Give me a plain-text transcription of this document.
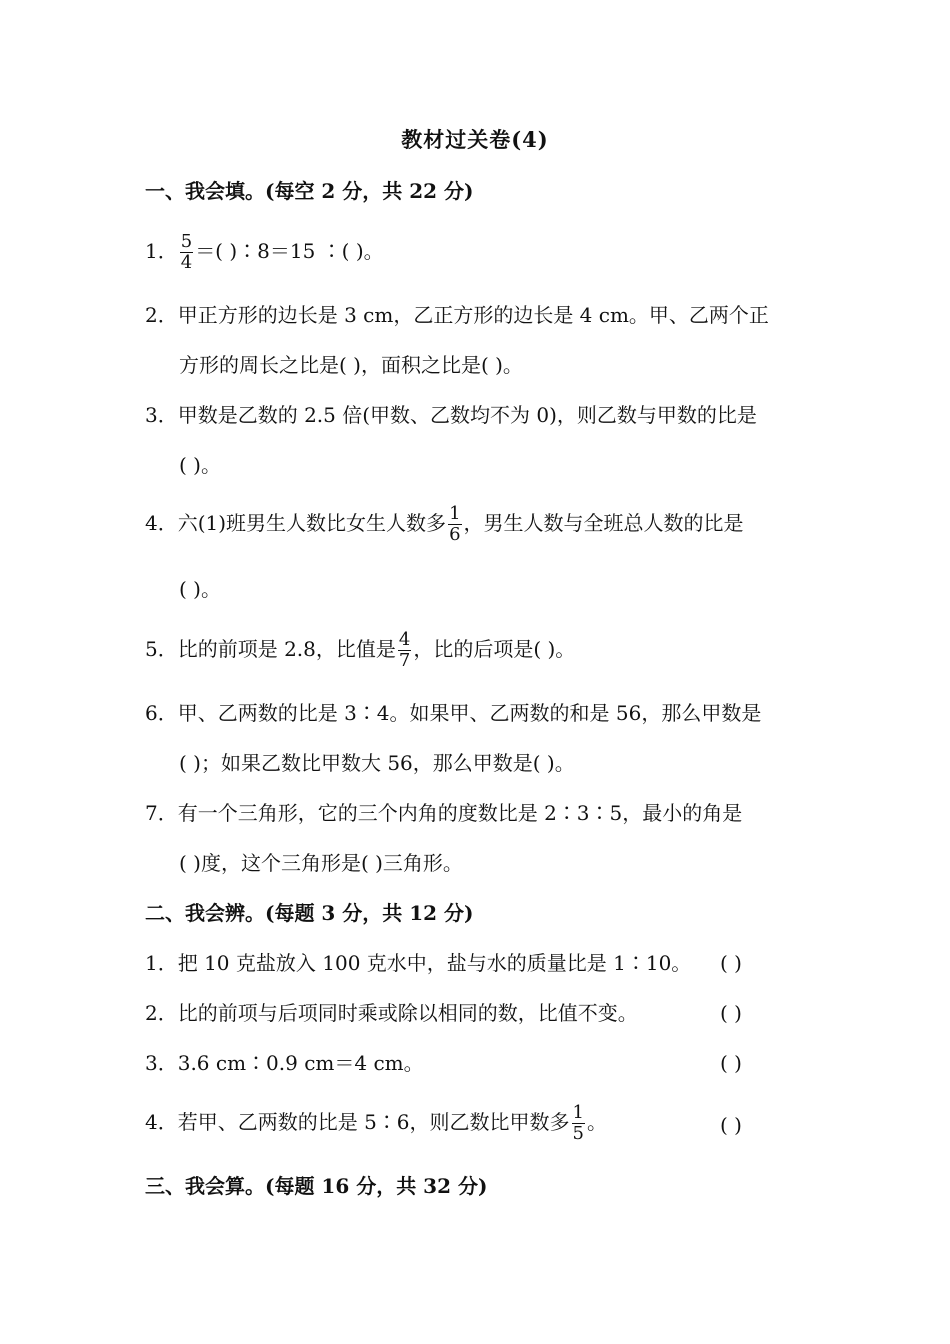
教材过关卷(4)
一、我会填。(每空 2 分，共 22 分)
1． $\frac{5}{4}$ ＝( )∶8＝15 ∶( )。
2．甲正方形的边长是 3 cm，乙正方形的边长是 4 cm。甲、乙两个正
方形的周长之比是( )，面积之比是( )。
3．甲数是乙数的 2.5 倍(甲数、乙数均不为 0)，则乙数与甲数的比是
( )。
4．六(1)班男生人数比女生人数多 $\frac{1}{6}$ ，男生人数与全班总人数的比是
( )。
5．比的前项是 2.8，比值是 $\frac{4}{7}$ ，比的后项是( )。
6．甲、乙两数的比是 3∶4。如果甲、乙两数的和是 56，那么甲数是
( )；如果乙数比甲数大 56，那么甲数是( )。
7．有一个三角形，它的三个内角的度数比是 2∶3∶5，最小的角是
( )度，这个三角形是( )三角形。
二、我会辨。(每题 3 分，共 12 分)
1．把 10 克盐放入 100 克水中，盐与水的质量比是 1∶10。 ( )
2．比的前项与后项同时乘或除以相同的数，比值不变。	( )
3．3.6 cm∶0.9 cm＝4 cm。	( )
4．若甲、乙两数的比是 5∶6，则乙数比甲数多 $\frac{1}{5}$ 。	( )
三、我会算。(每题 16 分，共 32 分)
